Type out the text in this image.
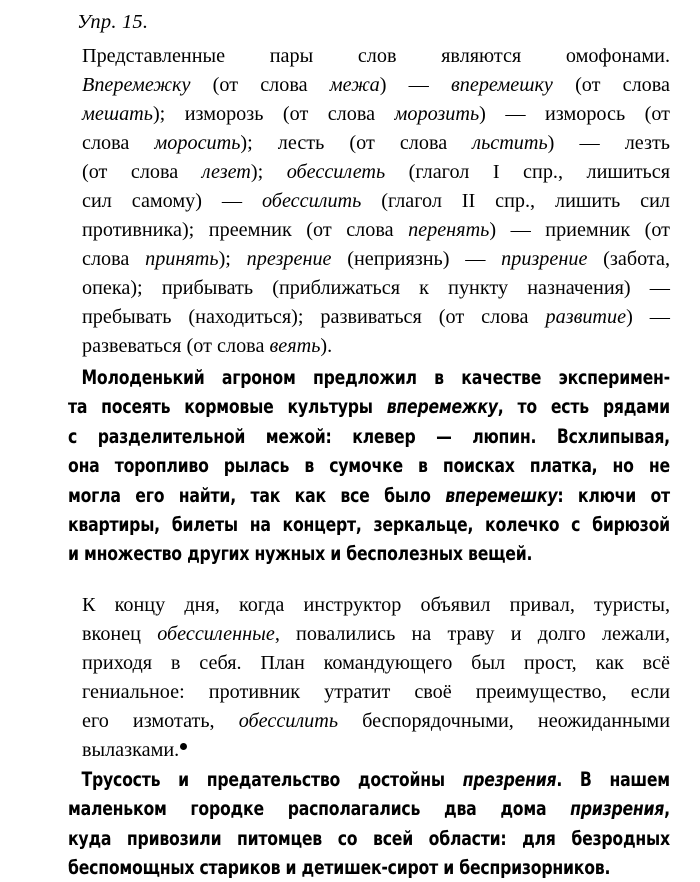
Упр. 15.
Представленные пары слов являются омофонами.
Вперемежку (от слова межа) — вперемешку (от слова
мешать); изморозь (от слова морозить) — изморось (от
слова моросить); лесть (от слова льстить) — лезть
(от слова лезет); обессилеть (глагол I спр., лишиться
сил самому) — обессилить (глагол II спр., лишить сил
противника); преемник (от слова перенять) — приемник (от
слова принять); презрение (неприязнь) — призрение (забота,
опека); прибывать (приближаться к пункту назначения) —
пребывать (находиться); развиваться (от слова развитие) —
развеваться (от слова веять).
Молоденький агроном предложил в качестве эксперимен-
та посеять кормовые культуры вперемежку, то есть рядами
с разделительной межой: клевер — люпин. Всхлипывая,
она торопливо рылась в сумочке в поисках платка, но не
могла его найти, так как все было вперемешку: ключи от
квартиры, билеты на концерт, зеркальце, колечко с бирюзой
и множество других нужных и бесполезных вещей.
К концу дня, когда инструктор объявил привал, туристы,
вконец обессиленные, повалились на траву и долго лежали,
приходя в себя. План командующего был прост, как всё
гениальное: противник утратит своё преимущество, если
его измотать, обессилить беспорядочными, неожиданными
вылазками.
Трусость и предательство достойны презрения. В нашем
маленьком городке располагались два дома призрения,
куда привозили питомцев со всей области: для безродных
беспомощных стариков и детишек-сирот и беспризорников.
